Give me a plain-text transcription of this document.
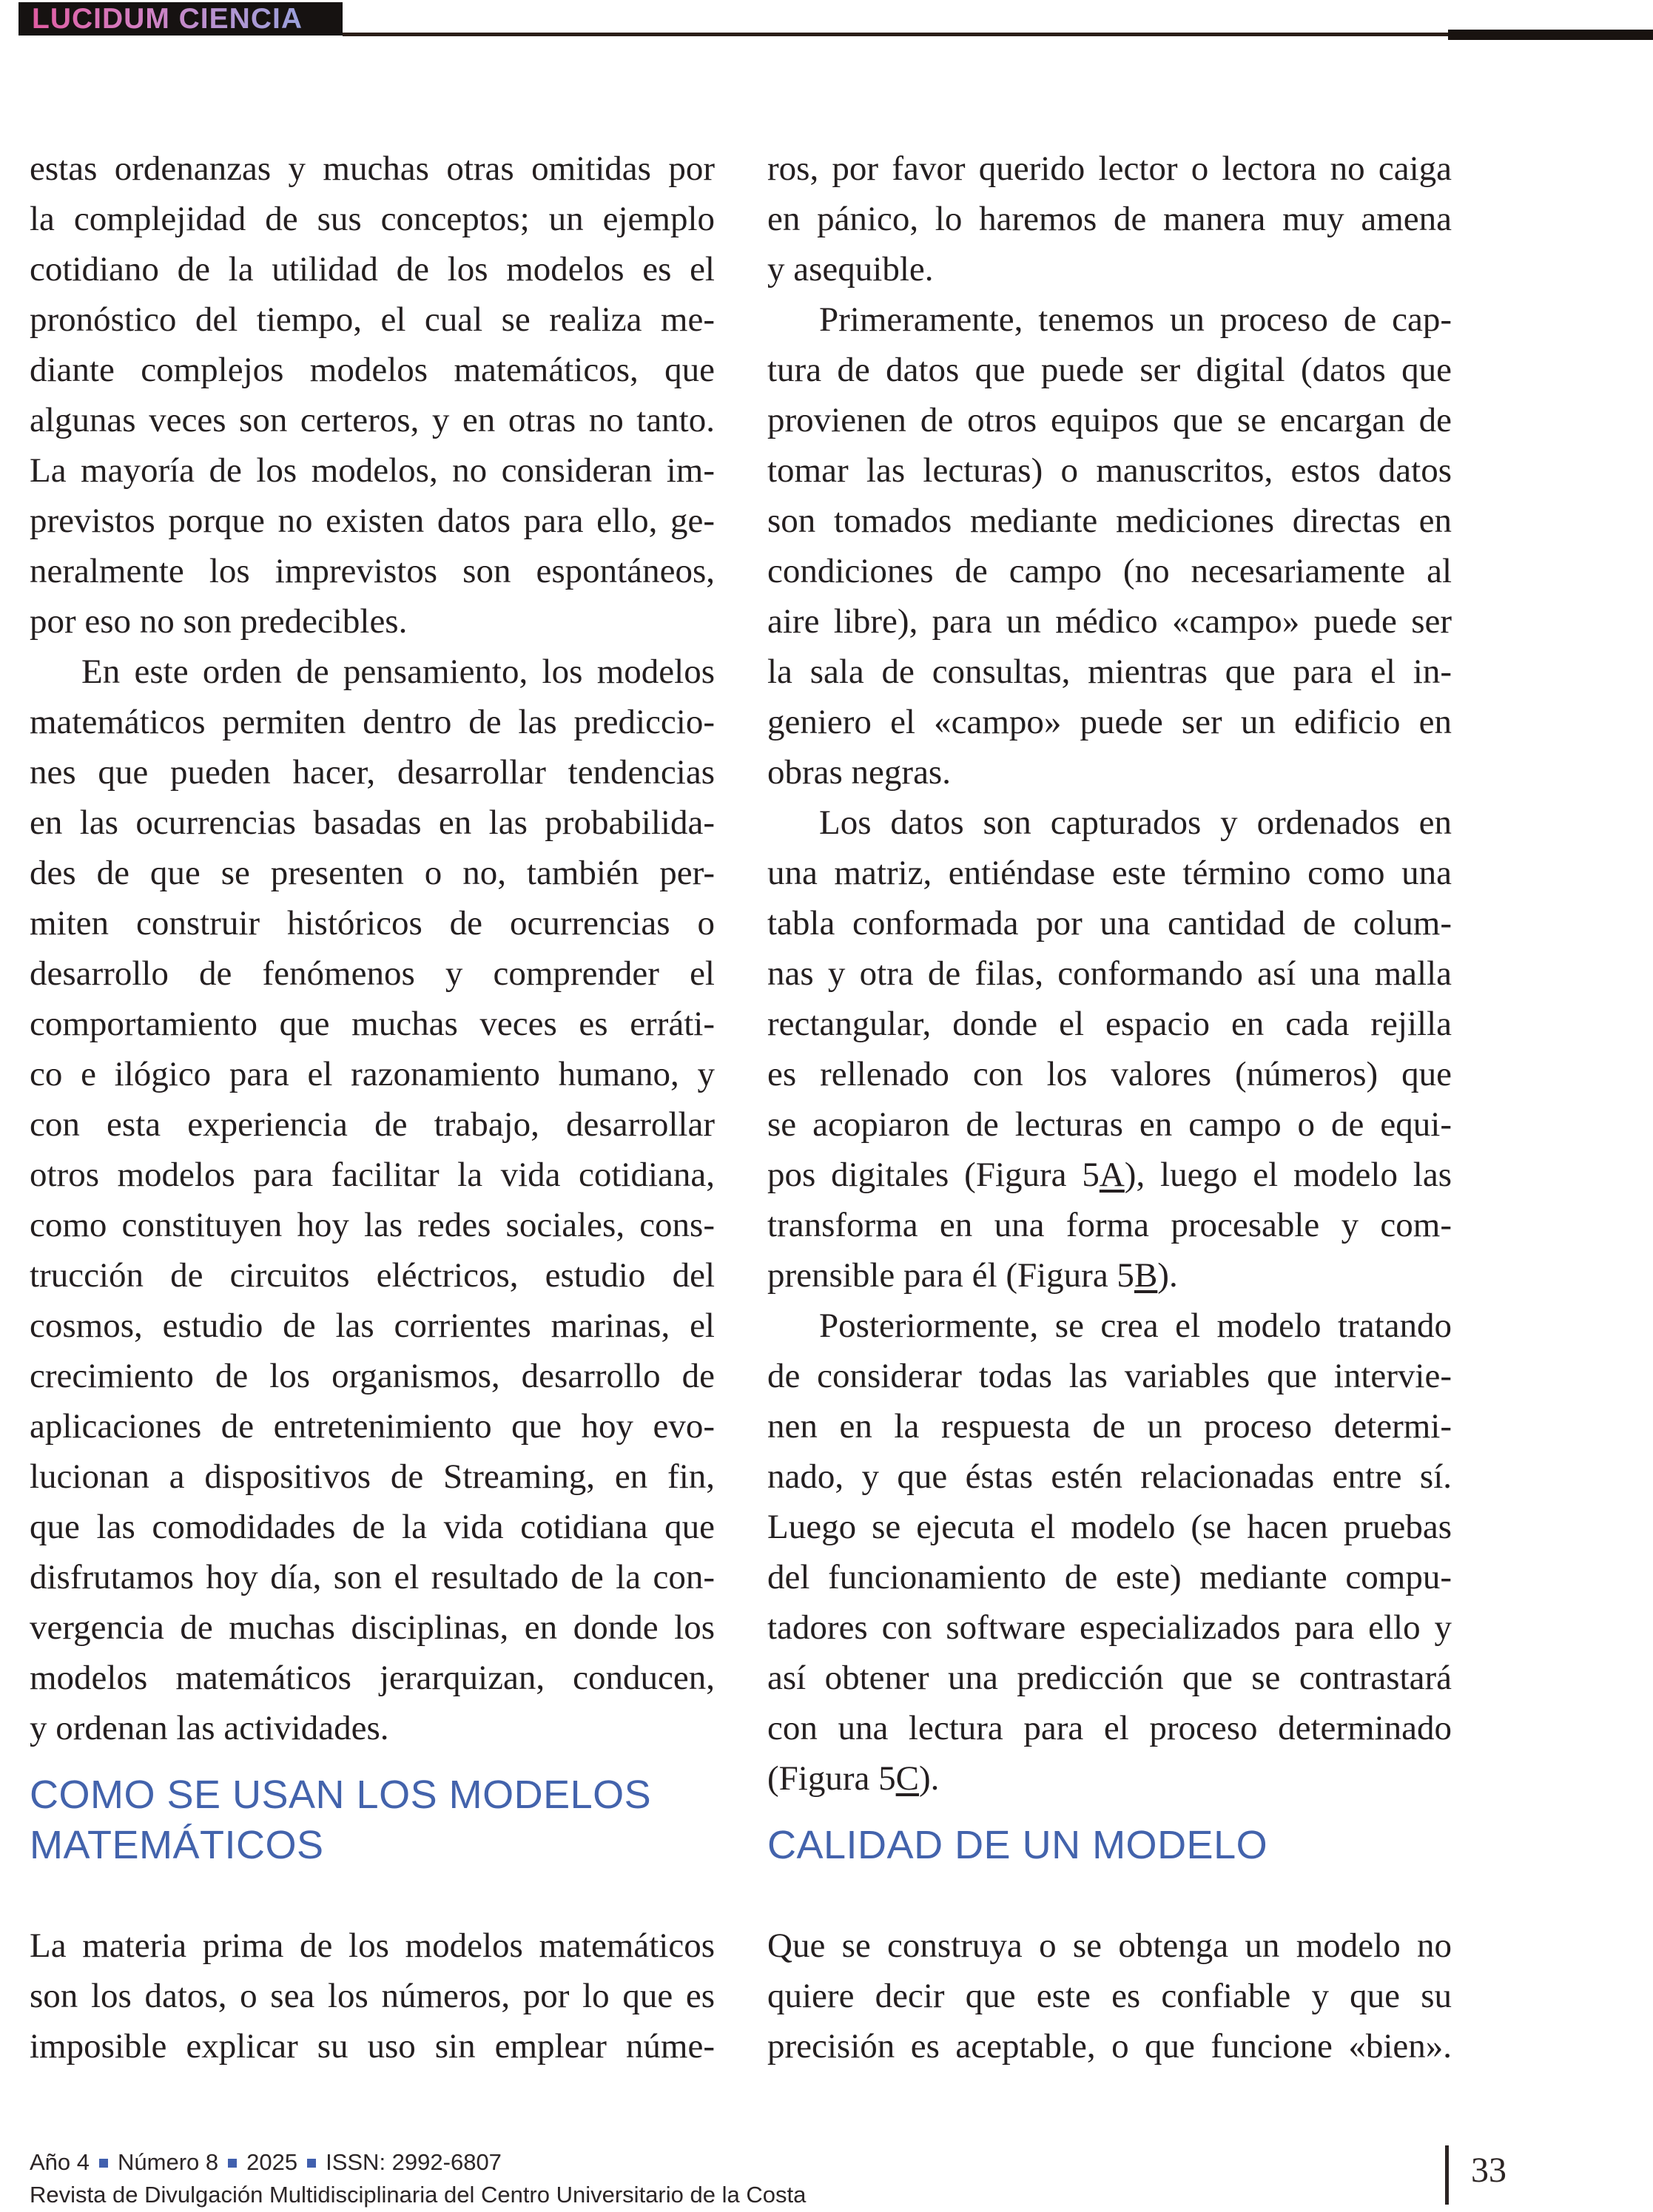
LUCIDUM CIENCIA
estas ordenanzas y muchas otras omitidas por
la complejidad de sus conceptos; un ejemplo
cotidiano de la utilidad de los modelos es el
pronóstico del tiempo, el cual se realiza me-
diante complejos modelos matemáticos, que
algunas veces son certeros, y en otras no tanto.
La mayoría de los modelos, no consideran im-
previstos porque no existen datos para ello, ge-
neralmente los imprevistos son espontáneos,
por eso no son predecibles.
En este orden de pensamiento, los modelos
matemáticos permiten dentro de las prediccio-
nes que pueden hacer, desarrollar tendencias
en las ocurrencias basadas en las probabilida-
des de que se presenten o no, también per-
miten construir históricos de ocurrencias o
desarrollo de fenómenos y comprender el
comportamiento que muchas veces es erráti-
co e ilógico para el razonamiento humano, y
con esta experiencia de trabajo, desarrollar
otros modelos para facilitar la vida cotidiana,
como constituyen hoy las redes sociales, cons-
trucción de circuitos eléctricos, estudio del
cosmos, estudio de las corrientes marinas, el
crecimiento de los organismos, desarrollo de
aplicaciones de entretenimiento que hoy evo-
lucionan a dispositivos de Streaming, en fin,
que las comodidades de la vida cotidiana que
disfrutamos hoy día, son el resultado de la con-
vergencia de muchas disciplinas, en donde los
modelos matemáticos jerarquizan, conducen,
y ordenan las actividades.
COMO SE USAN LOS MODELOS
MATEMÁTICOS
La materia prima de los modelos matemáticos
son los datos, o sea los números, por lo que es
imposible explicar su uso sin emplear núme-
ros, por favor querido lector o lectora no caiga
en pánico, lo haremos de manera muy amena
y asequible.
Primeramente, tenemos un proceso de cap-
tura de datos que puede ser digital (datos que
provienen de otros equipos que se encargan de
tomar las lecturas) o manuscritos, estos datos
son tomados mediante mediciones directas en
condiciones de campo (no necesariamente al
aire libre), para un médico «campo» puede ser
la sala de consultas, mientras que para el in-
geniero el «campo» puede ser un edificio en
obras negras.
Los datos son capturados y ordenados en
una matriz, entiéndase este término como una
tabla conformada por una cantidad de colum-
nas y otra de filas, conformando así una malla
rectangular, donde el espacio en cada rejilla
es rellenado con los valores (números) que
se acopiaron de lecturas en campo o de equi-
pos digitales (Figura 5A), luego el modelo las
transforma en una forma procesable y com-
prensible para él (Figura 5B).
Posteriormente, se crea el modelo tratando
de considerar todas las variables que intervie-
nen en la respuesta de un proceso determi-
nado, y que éstas estén relacionadas entre sí.
Luego se ejecuta el modelo (se hacen pruebas
del funcionamiento de este) mediante compu-
tadores con software especializados para ello y
así obtener una predicción que se contrastará
con una lectura para el proceso determinado
(Figura 5C).
CALIDAD DE UN MODELO
Que se construya o se obtenga un modelo no
quiere decir que este es confiable y que su
precisión es aceptable, o que funcione «bien».
Año 4 Número 8 2025 ISSN: 2992-6807
Revista de Divulgación Multidisciplinaria del Centro Universitario de la Costa
33
